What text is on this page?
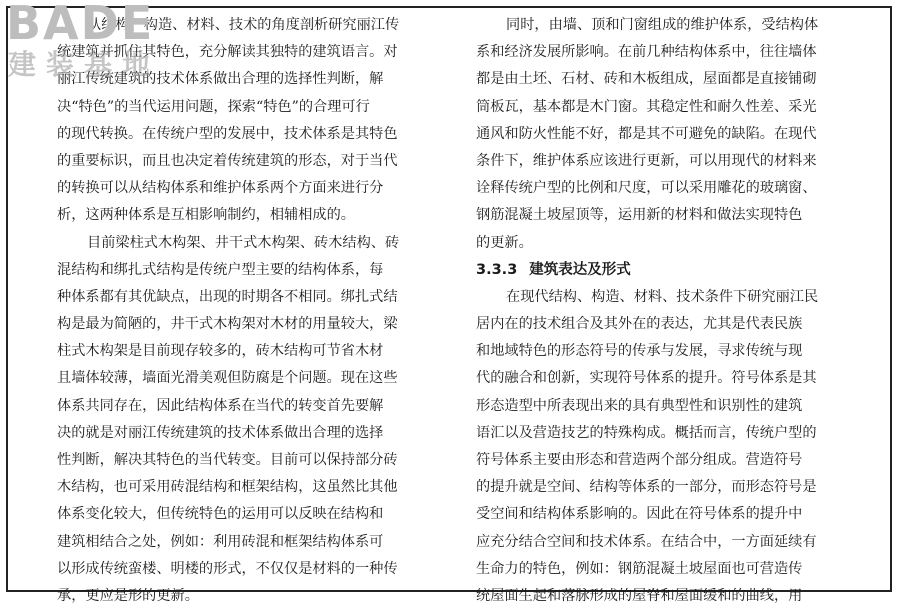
从结构、构造、材料、技术的角度剖析研究丽江传
统建筑并抓住其特色，充分解读其独特的建筑语言。对
丽江传统建筑的技术体系做出合理的选择性判断，解
决“特色”的当代运用问题，探索“特色”的合理可行
的现代转换。在传统户型的发展中，技术体系是其特色
的重要标识，而且也决定着传统建筑的形态，对于当代
的转换可以从结构体系和维护体系两个方面来进行分
析，这两种体系是互相影响制约，相辅相成的。
目前梁柱式木构架、井干式木构架、砖木结构、砖
混结构和绑扎式结构是传统户型主要的结构体系，每
种体系都有其优缺点，出现的时期各不相同。绑扎式结
构是最为简陋的，井干式木构架对木材的用量较大，梁
柱式木构架是目前现存较多的，砖木结构可节省木材
且墙体较薄，墙面光滑美观但防腐是个问题。现在这些
体系共同存在，因此结构体系在当代的转变首先要解
决的就是对丽江传统建筑的技术体系做出合理的选择
性判断，解决其特色的当代转变。目前可以保持部分砖
木结构，也可采用砖混结构和框架结构，这虽然比其他
体系变化较大，但传统特色的运用可以反映在结构和
建筑相结合之处，例如：利用砖混和框架结构体系可
以形成传统蛮楼、明楼的形式，不仅仅是材料的一种传
承，更应是形的更新。
同时，由墙、顶和门窗组成的维护体系，受结构体
系和经济发展所影响。在前几种结构体系中，往往墙体
都是由土坯、石材、砖和木板组成，屋面都是直接铺砌
筒板瓦，基本都是木门窗。其稳定性和耐久性差、采光
通风和防火性能不好，都是其不可避免的缺陷。在现代
条件下，维护体系应该进行更新，可以用现代的材料来
诠释传统户型的比例和尺度，可以采用雕花的玻璃窗、
钢筋混凝土坡屋顶等，运用新的材料和做法实现特色
的更新。
3.3.3 建筑表达及形式
在现代结构、构造、材料、技术条件下研究丽江民
居内在的技术组合及其外在的表达，尤其是代表民族
和地域特色的形态符号的传承与发展，寻求传统与现
代的融合和创新，实现符号体系的提升。符号体系是其
形态造型中所表现出来的具有典型性和识别性的建筑
语汇以及营造技艺的特殊构成。概括而言，传统户型的
符号体系主要由形态和营造两个部分组成。营造符号
的提升就是空间、结构等体系的一部分，而形态符号是
受空间和结构体系影响的。因此在符号体系的提升中
应充分结合空间和技术体系。在结合中，一方面延续有
生命力的特色，例如：钢筋混凝土坡屋面也可营造传
统屋面生起和落脉形成的屋脊和屋面缓和的曲线，用
BADE
建装基地
